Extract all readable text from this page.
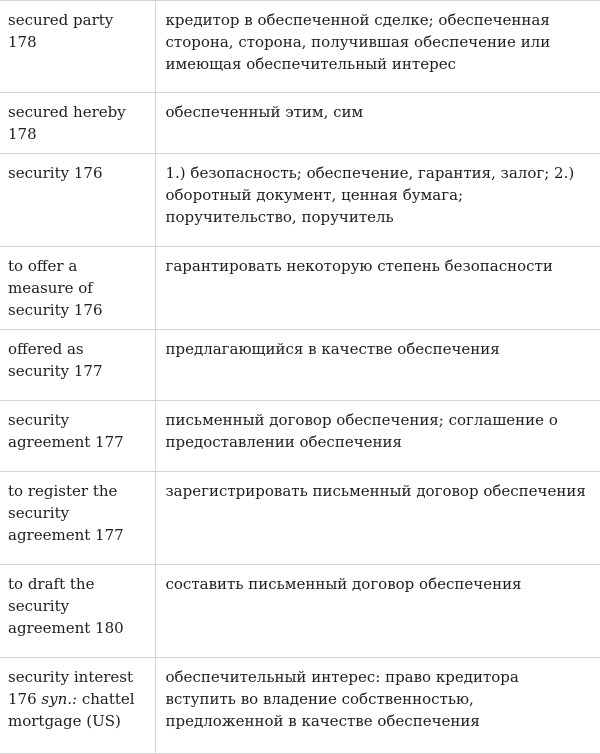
secured party 178	кредитор в обеспеченной сделке; обеспеченная сторона, сторона, получившая обеспечение или имеющая обеспечительный интерес
secured hereby 178	обеспеченный этим, сим
security 176	1.) безопасность; обеспечение, гарантия, залог; 2.) оборотный документ, ценная бумага; поручительство, поручитель
to offer a measure of security 176	гарантировать некоторую степень безопасности
offered as security 177	предлагающийся в качестве обеспечения
security agreement 177	письменный договор обеспечения; соглашение о предоставлении обеспечения
to register the security agreement 177	зарегистрировать письменный договор обеспечения
to draft the security agreement 180	составить письменный договор обеспечения
security interest 176 syn.: chattel mortgage (US)	обеспечительный интерес: право кредитора вступить во владение собственностью, предложенной в качестве обеспечения
